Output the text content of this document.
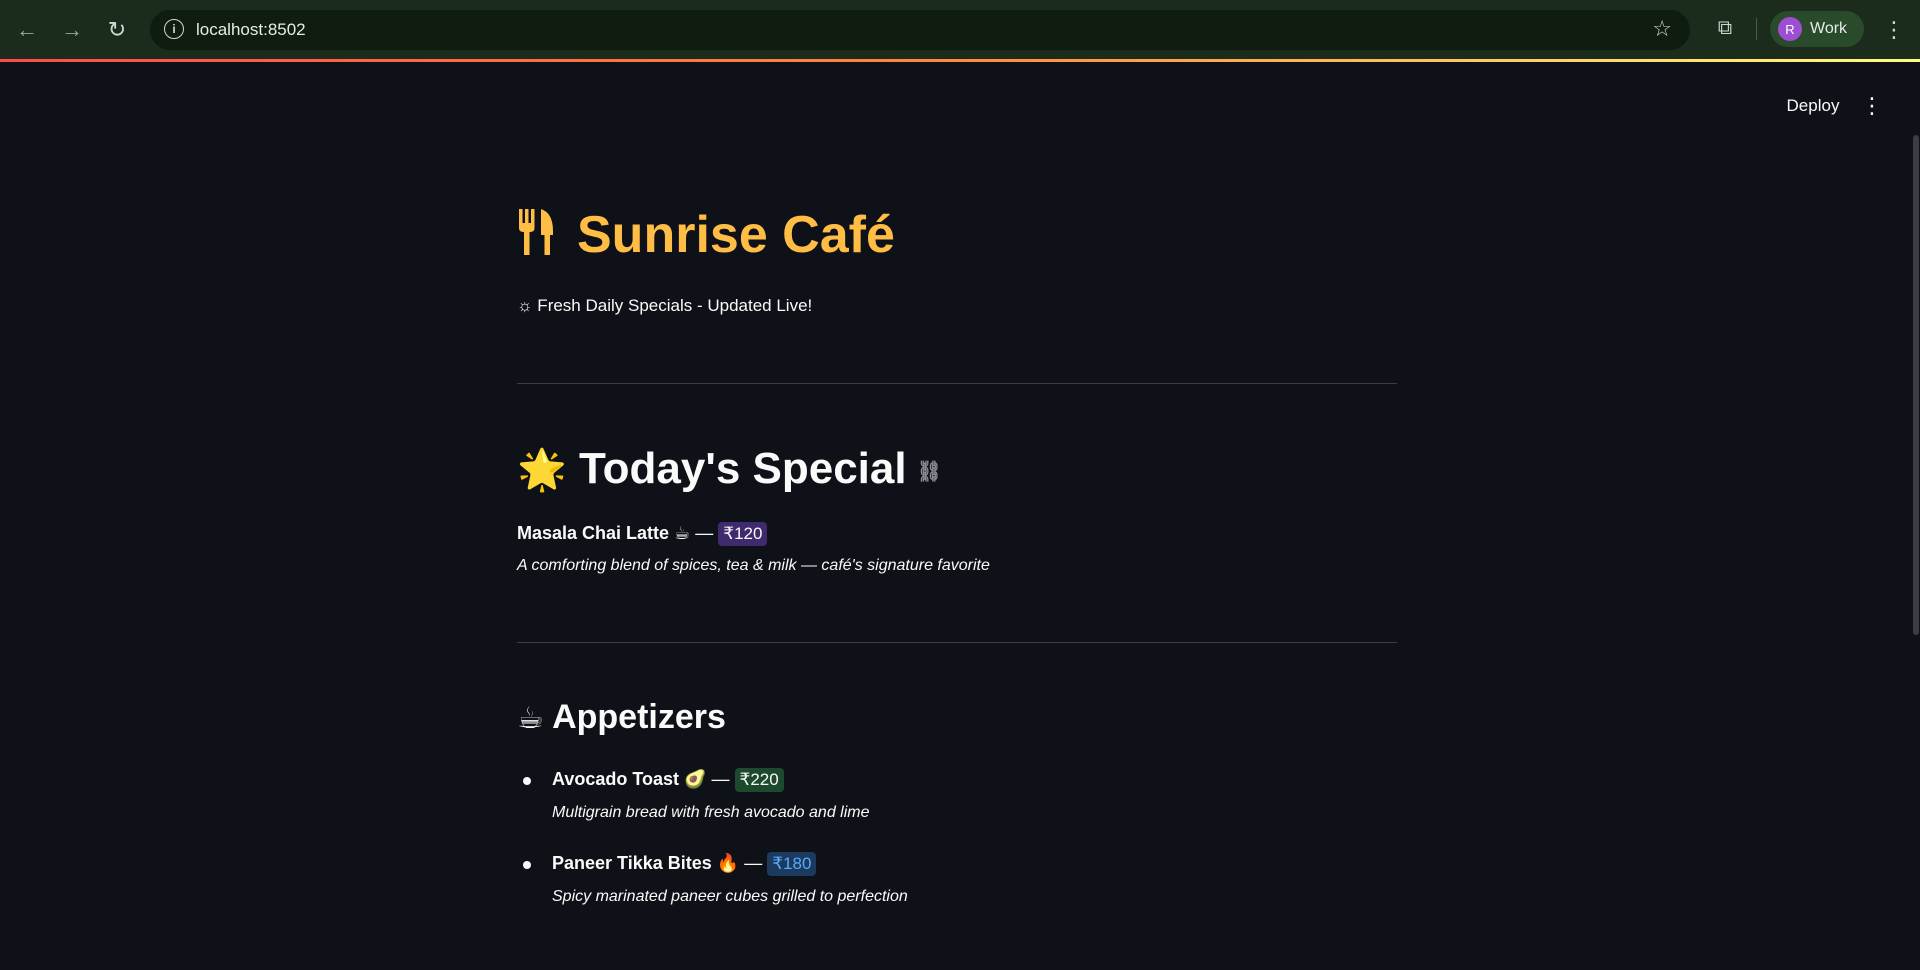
← →	↻	i	localhost:8502	☆ ⧉	R Work ⋮
Deploy ⋮
Sunrise Café
☼ Fresh Daily Specials - Updated Live!
🌟 Today's Special ⛓
Masala Chai Latte ☕ — ₹120
A comforting blend of spices, tea & milk — café's signature favorite
☕ Appetizers
Avocado Toast 🥑 — ₹220
Multigrain bread with fresh avocado and lime
Paneer Tikka Bites 🔥 — ₹180
Spicy marinated paneer cubes grilled to perfection
